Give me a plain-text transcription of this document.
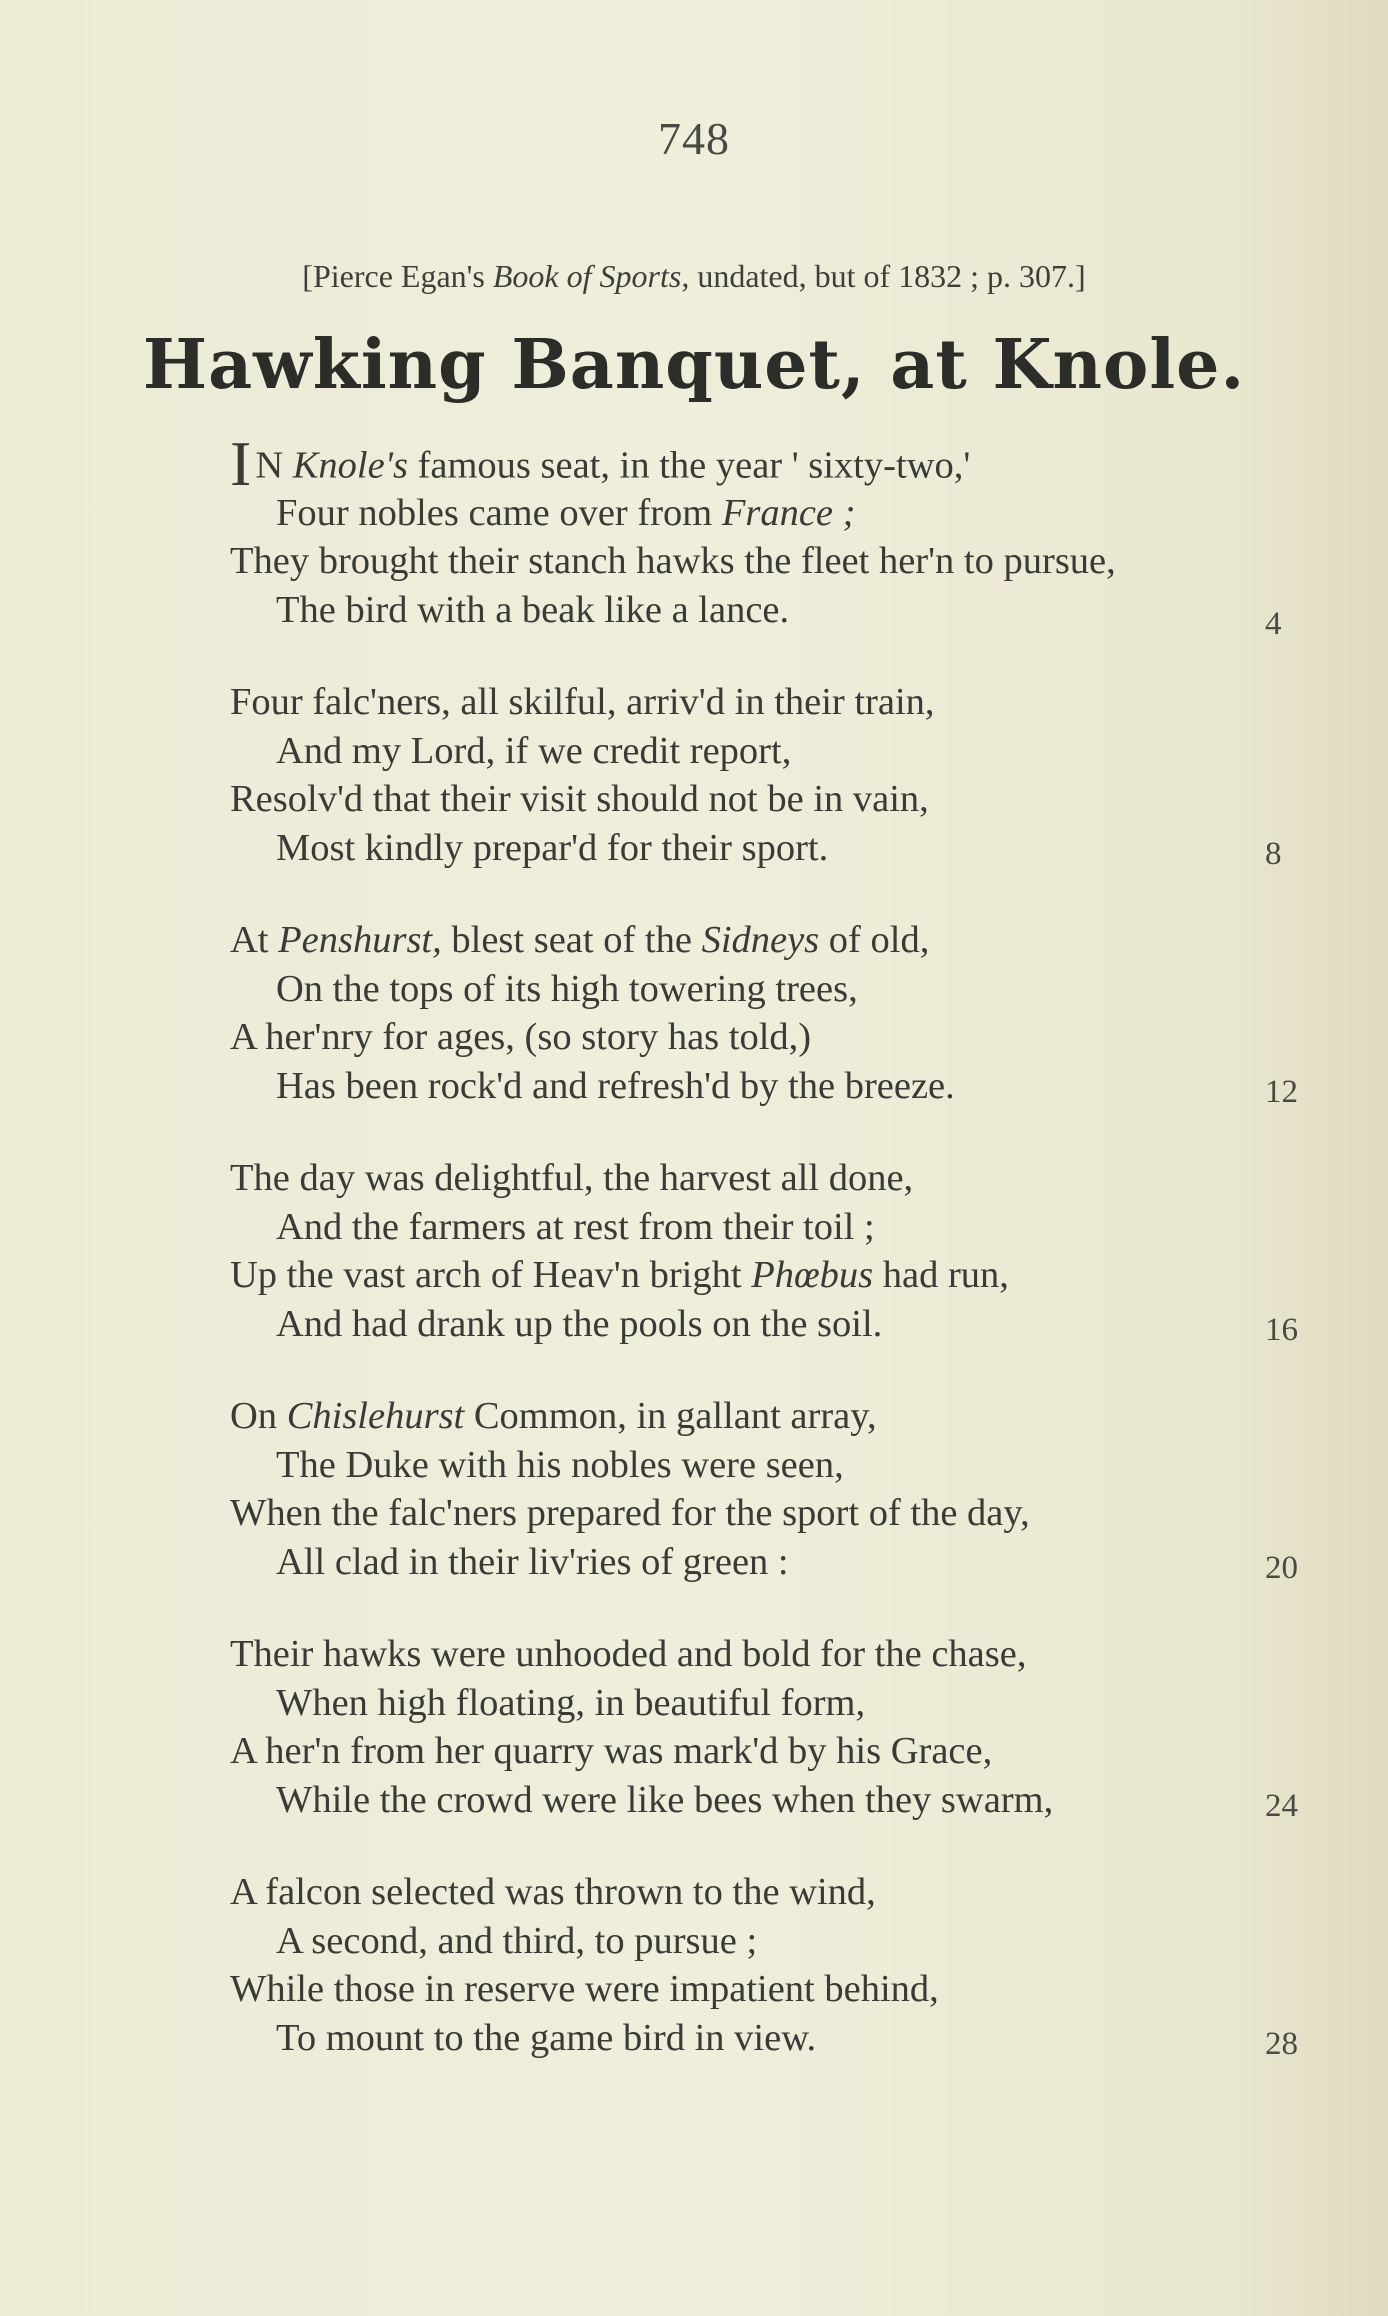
748
[Pierce Egan's Book of Sports, undated, but of 1832 ; p. 307.]
Hawking Banquet, at Knole.
I N Knole's famous seat, in the year ' sixty-two,'
Four nobles came over from France ;
They brought their stanch hawks the fleet her'n to pursue,
The bird with a beak like a lance.	4
Four falc'ners, all skilful, arriv'd in their train,
And my Lord, if we credit report,
Resolv'd that their visit should not be in vain,
Most kindly prepar'd for their sport.	8
At Penshurst, blest seat of the Sidneys of old,
On the tops of its high towering trees,
A her'nry for ages, (so story has told,)
Has been rock'd and refresh'd by the breeze.	12
The day was delightful, the harvest all done,
And the farmers at rest from their toil ;
Up the vast arch of Heav'n bright Phœbus had run,
And had drank up the pools on the soil.	16
On Chislehurst Common, in gallant array,
The Duke with his nobles were seen,
When the falc'ners prepared for the sport of the day,
All clad in their liv'ries of green :	20
Their hawks were unhooded and bold for the chase,
When high floating, in beautiful form,
A her'n from her quarry was mark'd by his Grace,
While the crowd were like bees when they swarm,	24
A falcon selected was thrown to the wind,
A second, and third, to pursue ;
While those in reserve were impatient behind,
To mount to the game bird in view.	28
